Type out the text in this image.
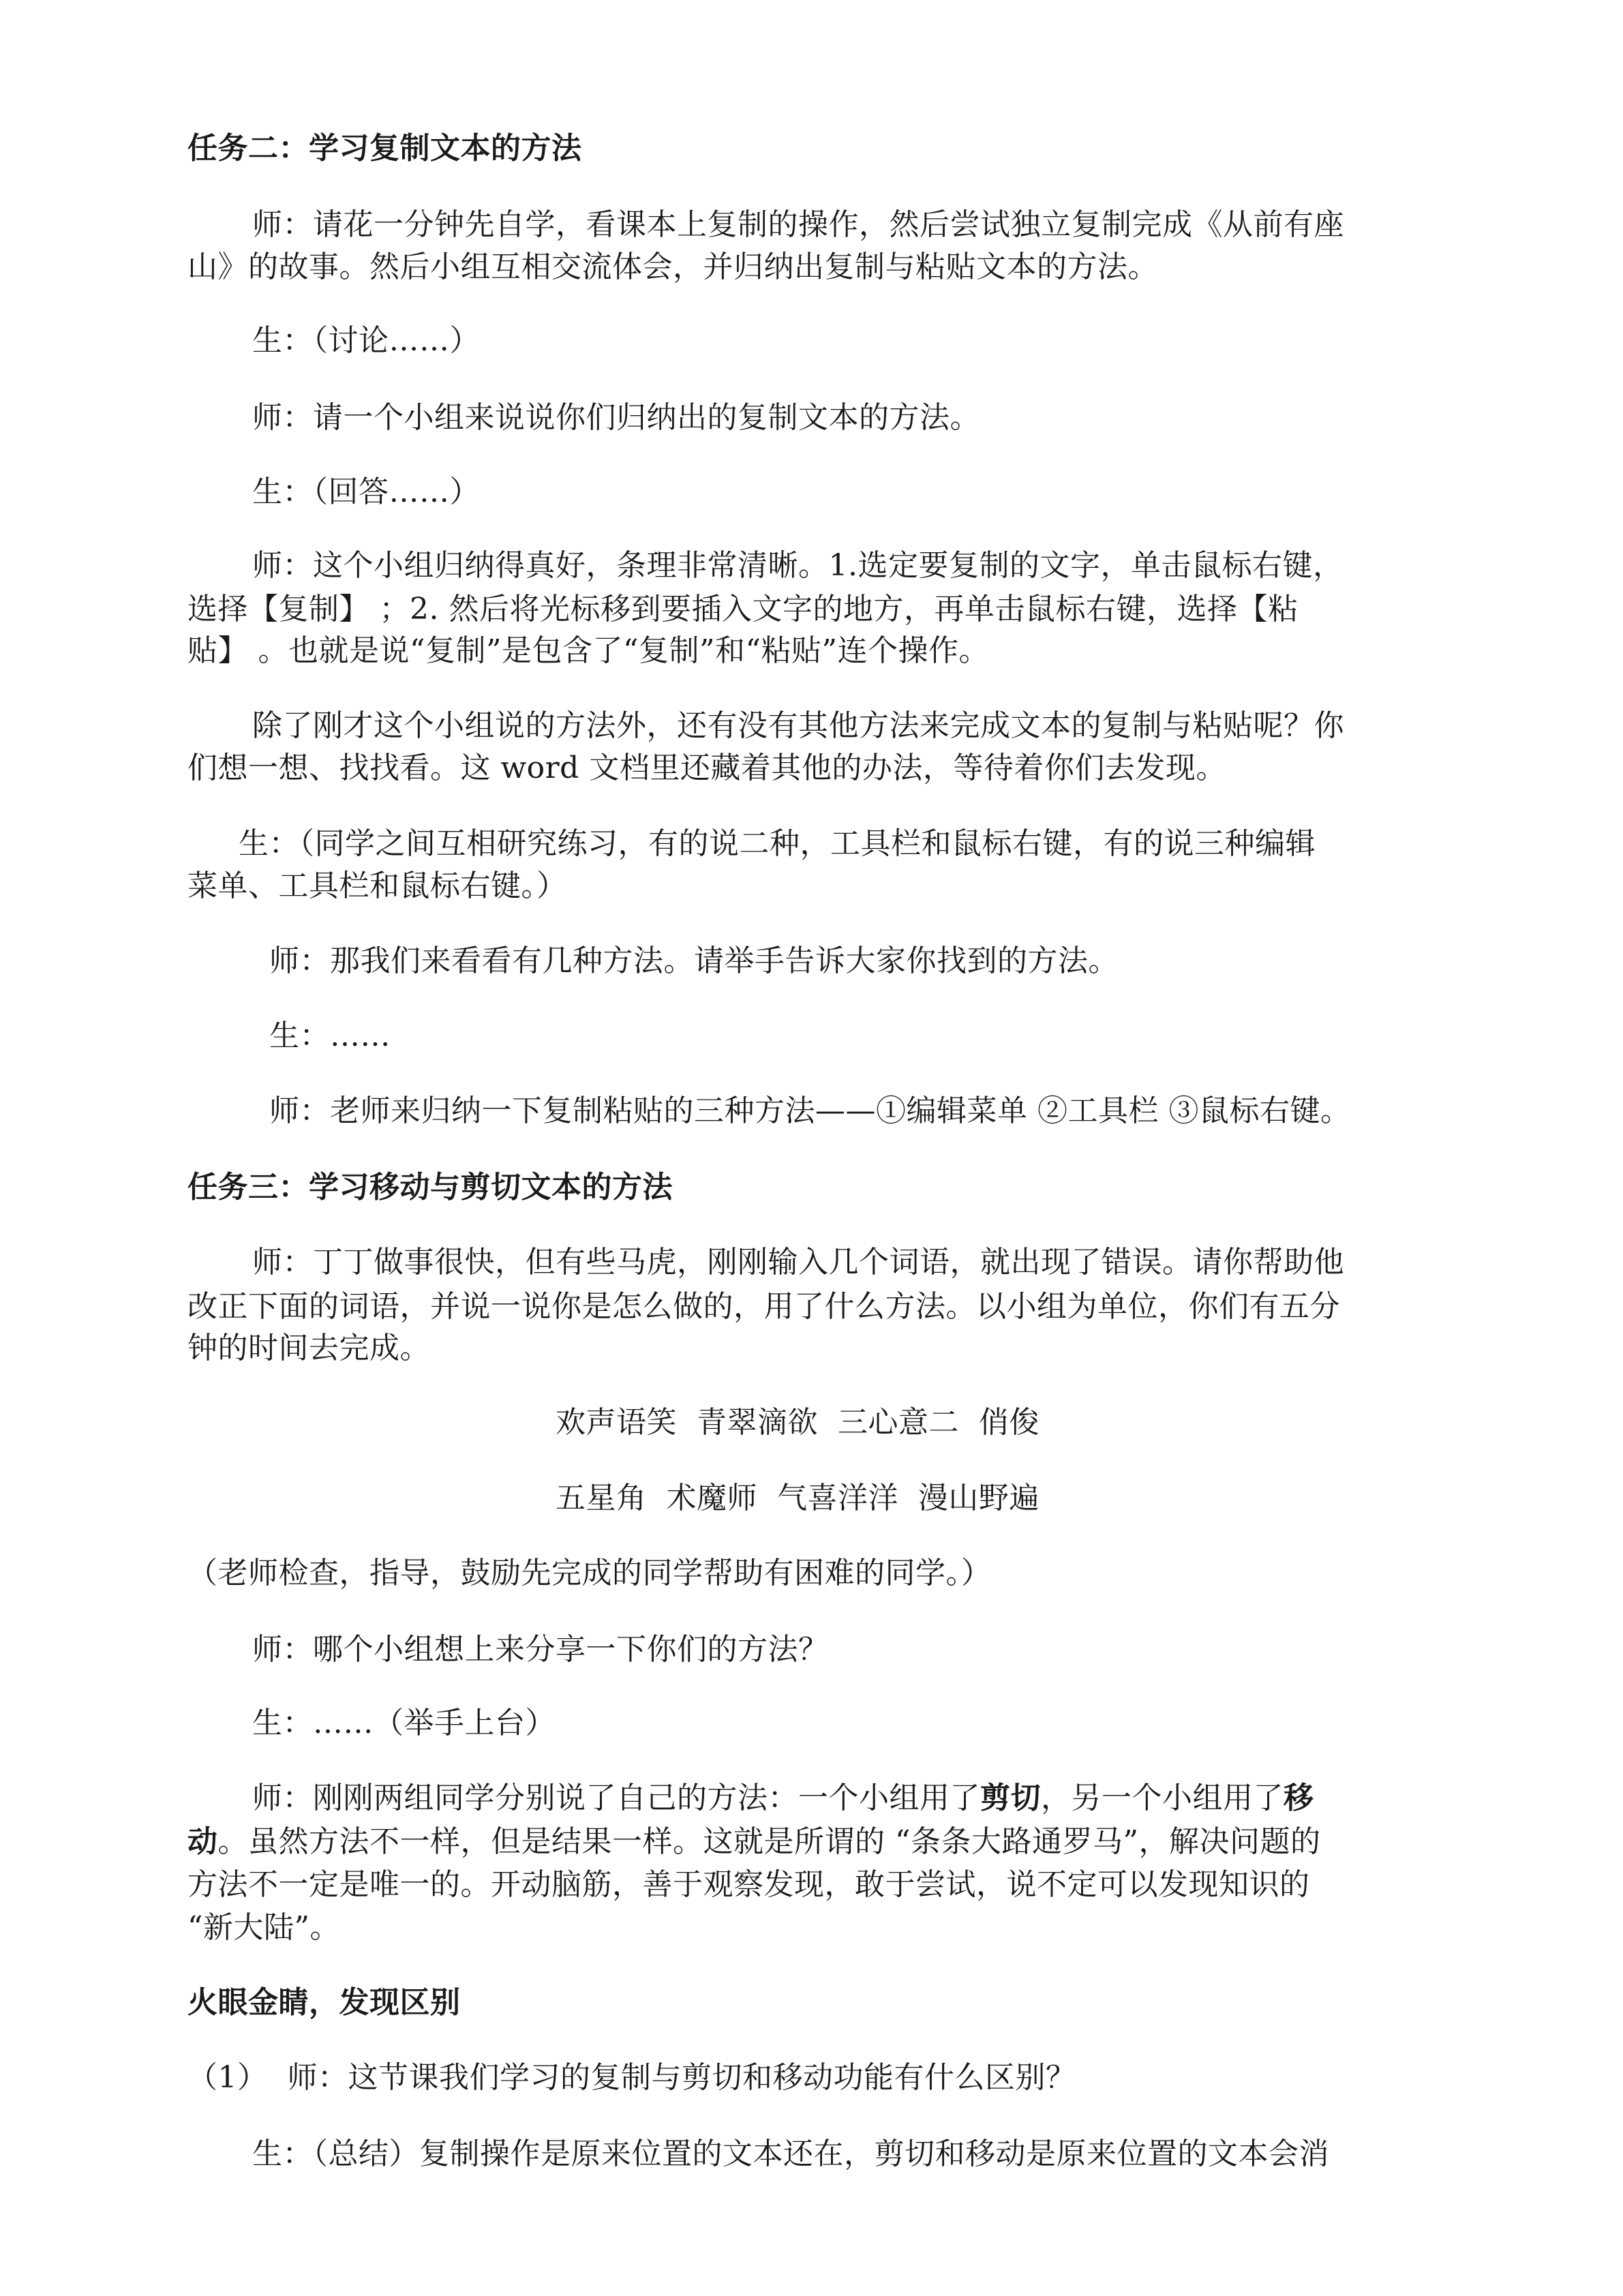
任务二：学习复制文本的方法
师：请花一分钟先自学，看课本上复制的操作，然后尝试独立复制完成《从前有座
山》的故事。然后小组互相交流体会，并归纳出复制与粘贴文本的方法。
生：（讨论……）
师：请一个小组来说说你们归纳出的复制文本的方法。
生：（回答……）
师：这个小组归纳得真好，条理非常清晰。1.选定要复制的文字，单击鼠标右键，
选择【复制】 ；2. 然后将光标移到要插入文字的地方，再单击鼠标右键，选择【粘
贴】 。也就是说“复制”是包含了“复制”和“粘贴”连个操作。
除了刚才这个小组说的方法外，还有没有其他方法来完成文本的复制与粘贴呢？你
们想一想、找找看。这 word 文档里还藏着其他的办法，等待着你们去发现。
生：（同学之间互相研究练习，有的说二种，工具栏和鼠标右键，有的说三种编辑
菜单、工具栏和鼠标右键。）
师：那我们来看看有几种方法。请举手告诉大家你找到的方法。
生：……
师：老师来归纳一下复制粘贴的三种方法——①编辑菜单 ②工具栏 ③鼠标右键。
任务三：学习移动与剪切文本的方法
师：丁丁做事很快，但有些马虎，刚刚输入几个词语，就出现了错误。请你帮助他
改正下面的词语，并说一说你是怎么做的，用了什么方法。以小组为单位，你们有五分
钟的时间去完成。
欢声语笑  青翠滴欲  三心意二  俏俊
五星角  术魔师  气喜洋洋  漫山野遍
（老师检查，指导，鼓励先完成的同学帮助有困难的同学。）
师：哪个小组想上来分享一下你们的方法？
生：……（举手上台）
师：刚刚两组同学分别说了自己的方法：一个小组用了剪切，另一个小组用了移
动。虽然方法不一样，但是结果一样。这就是所谓的 “条条大路通罗马”，解决问题的
方法不一定是唯一的。开动脑筋，善于观察发现，敢于尝试，说不定可以发现知识的
“新大陆”。
火眼金睛，发现区别
（1）  师：这节课我们学习的复制与剪切和移动功能有什么区别？
生：（总结）复制操作是原来位置的文本还在，剪切和移动是原来位置的文本会消
